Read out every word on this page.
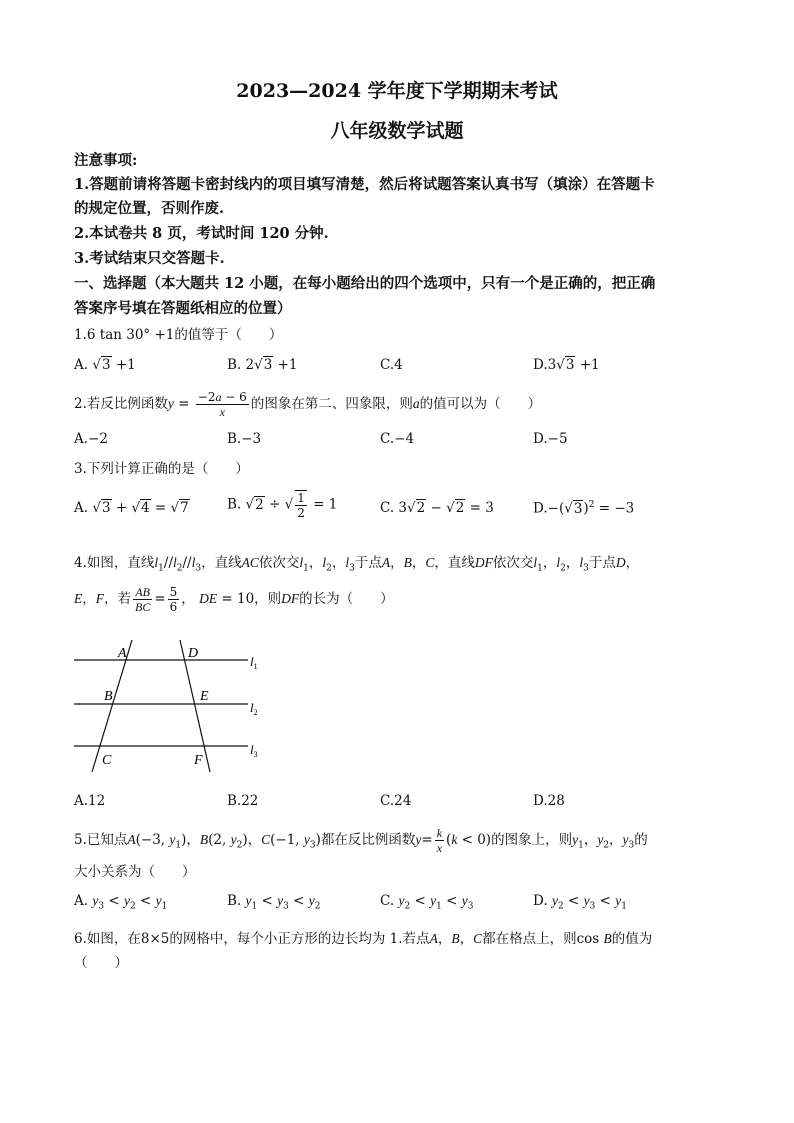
2023—2024 学年度下学期期末考试
八年级数学试题
注意事项:
1.答题前请将答题卡密封线内的项目填写清楚，然后将试题答案认真书写（填涂）在答题卡
的规定位置，否则作废.
2.本试卷共 8 页，考试时间 120 分钟.
3.考试结束只交答题卡.
一、选择题（本大题共 12 小题，在每小题给出的四个选项中，只有一个是正确的，把正确
答案序号填在答题纸相应的位置）
1.6 tan 30° +1的值等于（　　）
A. √3 +1	B. 2√3 +1	C.4	D.3√3 +1
2.若反比例函数$y = \frac{-2a - 6}{x}$ 的图象在第二、四象限，则a的值可以为（　　）
A.−2	B.−3	C.−4	D.−5
3.下列计算正确的是（　　）
A. √3 + √4 = √7	B. √2 ÷ √ $\frac{1}{2} = 1$	C. 3√2 − √2 = 3	$D.-(√3)^2 = -3$
4.如图，直线$l_1//l_2//l_3$，直线AC依次交$l_1$，$l_2$，$l_3$于点A，B，C，直线DF依次交$l_1$，$l_2$，$l_3$于点D，
E，F，若 $\frac{AB}{BC} = \frac{5}{6}$ ， DE = 10，则DF的长为（　　）
A	D
B	E
C	F
$l_1$
$l_2$
$l_3$
A.12	B.22	C.24	D.28
5.已知点A(−3, $y_1$)，B(2, $y_2$)，C(−1, $y_3$)都在反比例函数$y= \frac{k}{x} (k < 0)$的图象上，则$y_1$，$y_2$，$y_3$的
大小关系为（　　）
A. $y_3 < y_2 < y_1$	B. $y_1 < y_3 < y_2$	C. $y_2 < y_1 < y_3$	D. $y_2 < y_3 < y_1$
6.如图，在8×5的网格中，每个小正方形的边长均为 1.若点A，B，C都在格点上，则cos B的值为
（　　）
